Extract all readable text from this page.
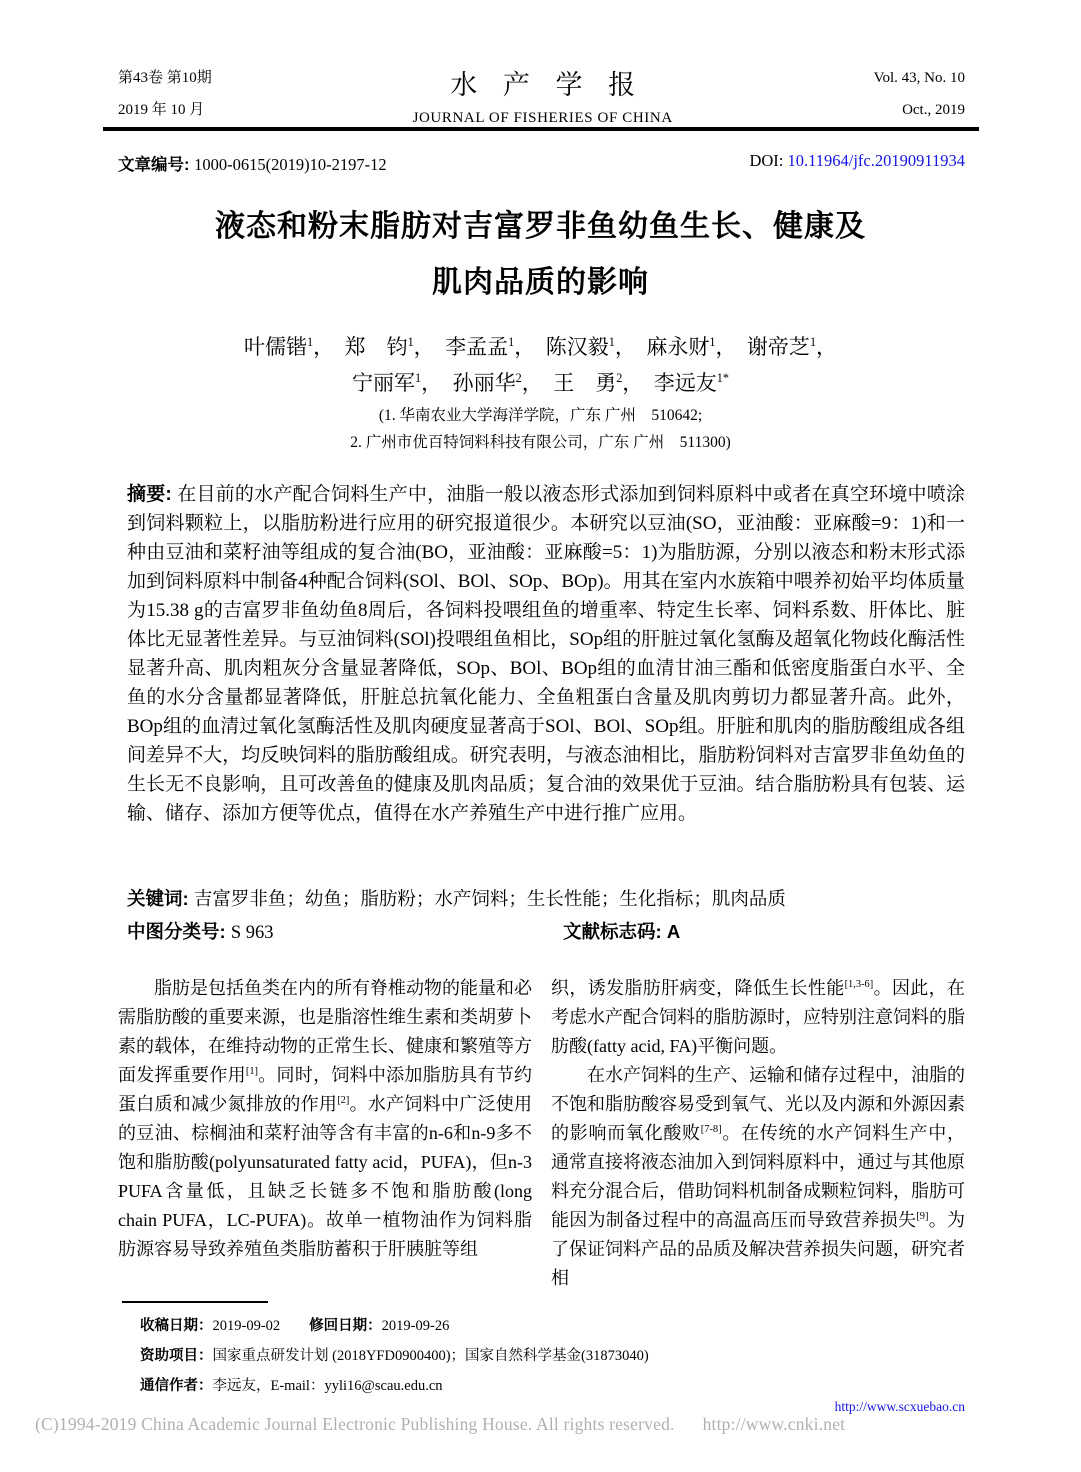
第43卷 第10期
2019 年 10 月
水产学报
JOURNAL OF FISHERIES OF CHINA
Vol. 43, No. 10
Oct., 2019
文章编号: 1000-0615(2019)10-2197-12	DOI: 10.11964/jfc.20190911934
液态和粉末脂肪对吉富罗非鱼幼鱼生长、健康及
肌肉品质的影响
叶儒锴$^1$，　郑　钧$^1$，　李孟孟$^1$，　陈汉毅$^1$，　麻永财$^1$，　谢帝芝$^1$，
宁丽军$^1$，　孙丽华$^2$，　王　勇$^2$，　李远友$^{1*}$
(1. 华南农业大学海洋学院，广东 广州　510642;
2. 广州市优百特饲料科技有限公司，广东 广州　511300)
摘要: 在目前的水产配合饲料生产中，油脂一般以液态形式添加到饲料原料中或者在真空环境中喷涂到饲料颗粒上，以脂肪粉进行应用的研究报道很少。本研究以豆油(SO，亚油酸：亚麻酸=9：1)和一种由豆油和菜籽油等组成的复合油(BO，亚油酸：亚麻酸=5：1)为脂肪源，分别以液态和粉末形式添加到饲料原料中制备4种配合饲料(SOl、BOl、SOp、BOp)。用其在室内水族箱中喂养初始平均体质量为15.38 g的吉富罗非鱼幼鱼8周后，各饲料投喂组鱼的增重率、特定生长率、饲料系数、肝体比、脏体比无显著性差异。与豆油饲料(SOl)投喂组鱼相比，SOp组的肝脏过氧化氢酶及超氧化物歧化酶活性显著升高、肌肉粗灰分含量显著降低，SOp、BOl、BOp组的血清甘油三酯和低密度脂蛋白水平、全鱼的水分含量都显著降低，肝脏总抗氧化能力、全鱼粗蛋白含量及肌肉剪切力都显著升高。此外，BOp组的血清过氧化氢酶活性及肌肉硬度显著高于SOl、BOl、SOp组。肝脏和肌肉的脂肪酸组成各组间差异不大，均反映饲料的脂肪酸组成。研究表明，与液态油相比，脂肪粉饲料对吉富罗非鱼幼鱼的生长无不良影响，且可改善鱼的健康及肌肉品质；复合油的效果优于豆油。结合脂肪粉具有包装、运输、储存、添加方便等优点，值得在水产养殖生产中进行推广应用。
关键词: 吉富罗非鱼；幼鱼；脂肪粉；水产饲料；生长性能；生化指标；肌肉品质
中图分类号: S 963	文献标志码: A

脂肪是包括鱼类在内的所有脊椎动物的能量和必需脂肪酸的重要来源，也是脂溶性维生素和类胡萝卜素的载体，在维持动物的正常生长、健康和繁殖等方面发挥重要作用[1]。同时，饲料中添加脂肪具有节约蛋白质和减少氮排放的作用[2]。水产饲料中广泛使用的豆油、棕榈油和菜籽油等含有丰富的n-6和n-9多不饱和脂肪酸(polyunsaturated fatty acid，PUFA)，但n-3 PUFA含量低，且缺乏长链多不饱和脂肪酸(long chain PUFA，LC-PUFA)。故单一植物油作为饲料脂肪源容易导致养殖鱼类脂肪蓄积于肝胰脏等组

织，诱发脂肪肝病变，降低生长性能[1,3-6]。因此，在考虑水产配合饲料的脂肪源时，应特别注意饲料的脂肪酸(fatty acid, FA)平衡问题。

在水产饲料的生产、运输和储存过程中，油脂的不饱和脂肪酸容易受到氧气、光以及内源和外源因素的影响而氧化酸败[7-8]。在传统的水产饲料生产中，通常直接将液态油加入到饲料原料中，通过与其他原料充分混合后，借助饲料机制备成颗粒饲料，脂肪可能因为制备过程中的高温高压而导致营养损失[9]。为了保证饲料产品的品质及解决营养损失问题，研究者相

收稿日期：2019-09-02　　 修回日期：2019-09-26
资助项目：国家重点研发计划 (2018YFD0900400)；国家自然科学基金(31873040)
通信作者：李远友，E-mail：yyli16@scau.edu.cn
http://www.scxuebao.cn
(C)1994-2019 China Academic Journal Electronic Publishing House. All rights reserved. http://www.cnki.net
